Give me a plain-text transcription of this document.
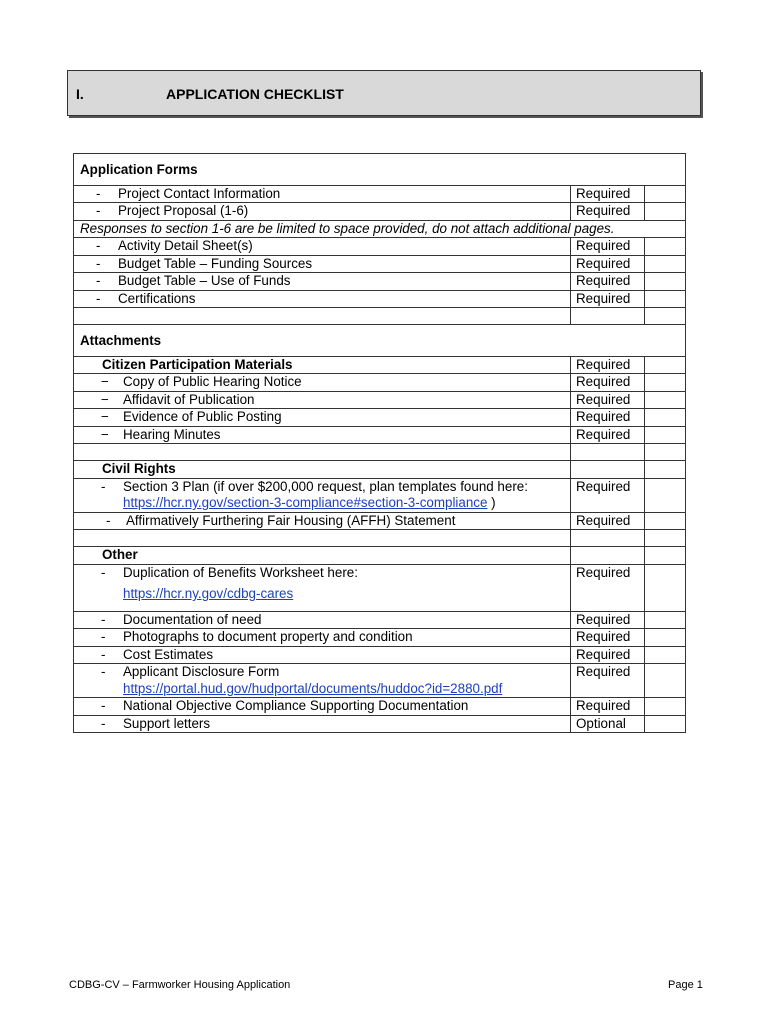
I.	APPLICATION CHECKLIST
Application Forms		

- Project Contact Information	Required	

- Project Proposal (1-6)	Required	
Responses to section 1-6 are be limited to space provided, do not attach additional pages.		

- Activity Detail Sheet(s)	Required	

- Budget Table – Funding Sources	Required	

- Budget Table – Use of Funds	Required	

- Certifications	Required	

Attachments		
Citizen Participation Materials	Required	

− Copy of Public Hearing Notice	Required	

− Affidavit of Publication	Required	

− Evidence of Public Posting	Required	

− Hearing Minutes	Required	

Civil Rights		

- Section 3 Plan (if over $200,000 request, plan templates found here:
https://hcr.ny.gov/section-3-compliance#section-3-compliance )	Required	

- Affirmatively Furthering Fair Housing (AFFH) Statement	Required	

Other		

- Duplication of Benefits Worksheet here:
https://hcr.ny.gov/cdbg-cares	Required	

- Documentation of need	Required	

- Photographs to document property and condition	Required	

- Cost Estimates	Required	

- Applicant Disclosure Form
https://portal.hud.gov/hudportal/documents/huddoc?id=2880.pdf	Required	

- National Objective Compliance Supporting Documentation	Required	

- Support letters	Optional	
CDBG-CV – Farmworker Housing Application	Page 1
